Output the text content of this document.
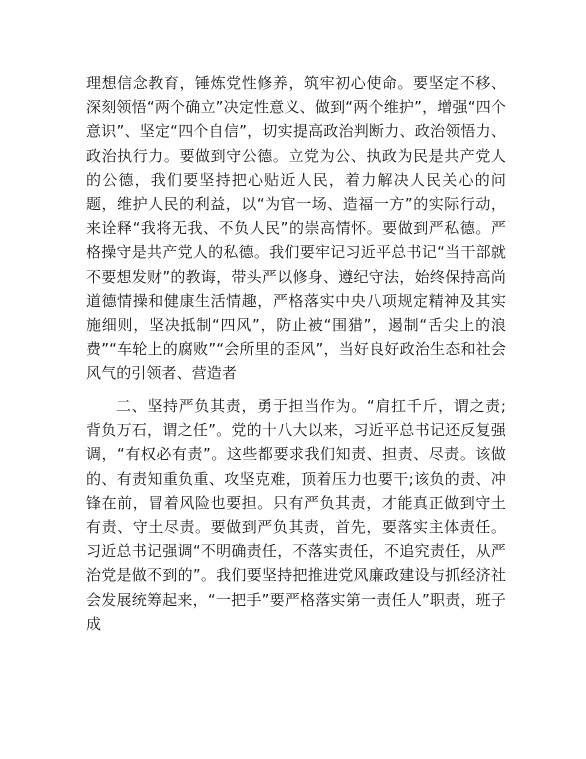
理想信念教育，锤炼党性修养，筑牢初心使命。要坚定不移、深刻领悟“两个确立”决定性意义、做到“两个维护”，增强“四个意识”、坚定“四个自信”，切实提高政治判断力、政治领悟力、政治执行力。要做到守公德。立党为公、执政为民是共产党人的公德，我们要坚持把心贴近人民，着力解决人民关心的问题，维护人民的利益，以“为官一场、造福一方”的实际行动，来诠释“我将无我、不负人民”的崇高情怀。要做到严私德。严格操守是共产党人的私德。我们要牢记习近平总书记“当干部就不要想发财”的教诲，带头严以修身、遵纪守法，始终保持高尚道德情操和健康生活情趣，严格落实中央八项规定精神及其实施细则，坚决抵制“四风”，防止被“围猎”，遏制“舌尖上的浪费”“车轮上的腐败”“会所里的歪风”，当好良好政治生态和社会风气的引领者、营造者

二、坚持严负其责，勇于担当作为。“肩扛千斤，谓之责;背负万石，谓之任”。党的十八大以来，习近平总书记还反复强调，“有权必有责”。这些都要求我们知责、担责、尽责。该做的、有责知重负重、攻坚克难，顶着压力也要干;该负的责、冲锋在前，冒着风险也要担。只有严负其责，才能真正做到守土有责、守土尽责。要做到严负其责，首先，要落实主体责任。习近总书记强调“不明确责任，不落实责任，不追究责任，从严治党是做不到的”。我们要坚持把推进党风廉政建设与抓经济社会发展统筹起来，“一把手”要严格落实第一责任人”职责，班子成
